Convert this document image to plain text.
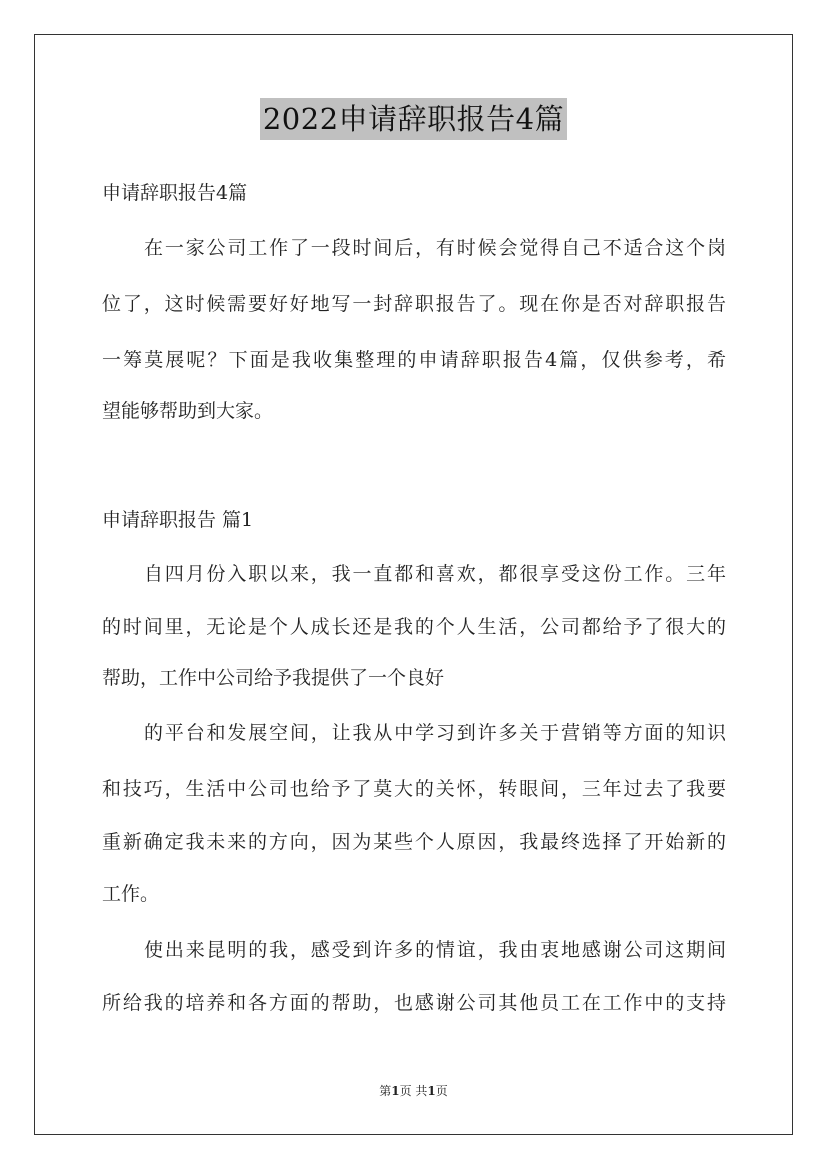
2022申请辞职报告4篇
申请辞职报告4篇
在一家公司工作了一段时间后，有时候会觉得自己不适合这个岗
位了，这时候需要好好地写一封辞职报告了。现在你是否对辞职报告
一筹莫展呢？下面是我收集整理的申请辞职报告4篇，仅供参考，希
望能够帮助到大家。
申请辞职报告 篇1
自四月份入职以来，我一直都和喜欢，都很享受这份工作。三年
的时间里，无论是个人成长还是我的个人生活，公司都给予了很大的
帮助，工作中公司给予我提供了一个良好
的平台和发展空间，让我从中学习到许多关于营销等方面的知识
和技巧，生活中公司也给予了莫大的关怀，转眼间，三年过去了我要
重新确定我未来的方向，因为某些个人原因，我最终选择了开始新的
工作。
使出来昆明的我，感受到许多的情谊，我由衷地感谢公司这期间
所给我的培养和各方面的帮助，也感谢公司其他员工在工作中的支持
第1页 共1页
